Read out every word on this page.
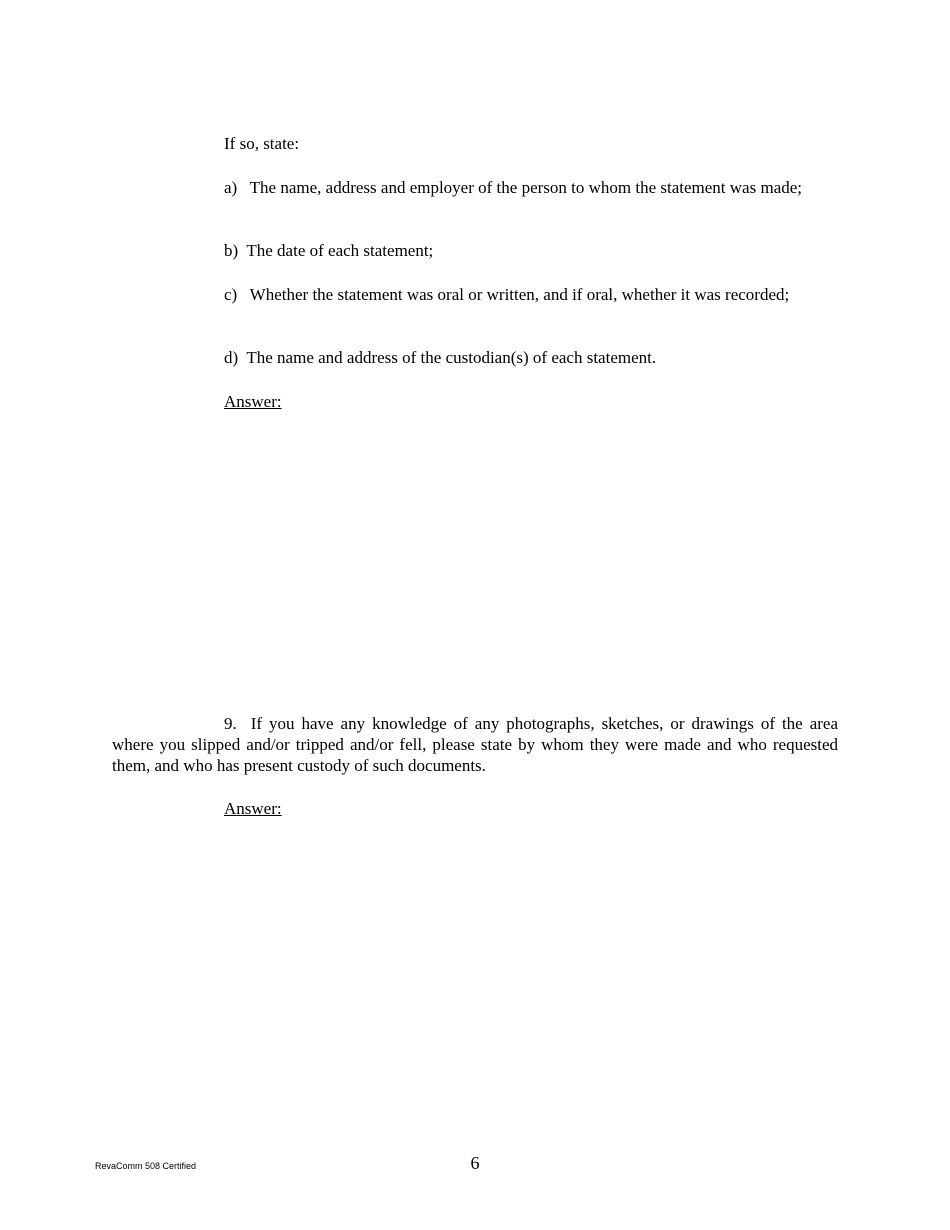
If so, state:
a) The name, address and employer of the person to whom the statement was made;
b) The date of each statement;
c) Whether the statement was oral or written, and if oral, whether it was recorded;
d) The name and address of the custodian(s) of each statement.
Answer:
9. If you have any knowledge of any photographs, sketches, or drawings of the area where you slipped and/or tripped and/or fell, please state by whom they were made and who requested them, and who has present custody of such documents.
Answer:
RevaComm 508 Certified	6
